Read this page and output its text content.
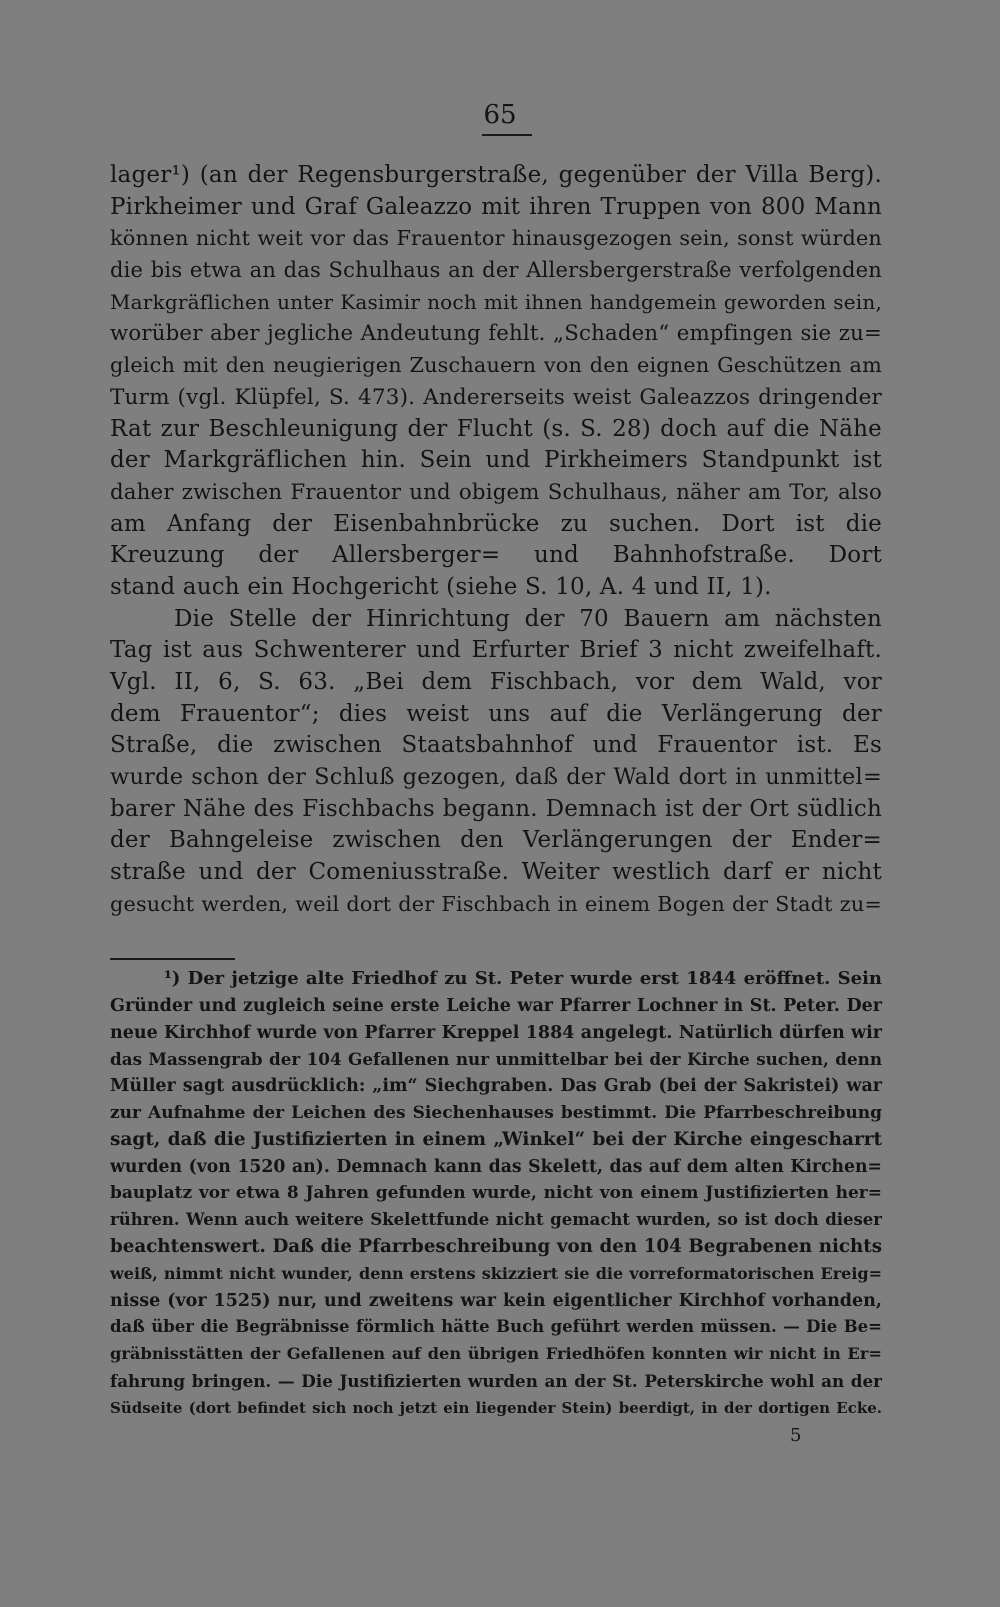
65
lager¹) (an der Regensburgerstraße, gegenüber der Villa Berg).
Pirkheimer und Graf Galeazzo mit ihren Truppen von 800 Mann
können nicht weit vor das Frauentor hinausgezogen sein, sonst würden
die bis etwa an das Schulhaus an der Allersbergerstraße verfolgenden
Markgräflichen unter Kasimir noch mit ihnen handgemein geworden sein,
worüber aber jegliche Andeutung fehlt. „Schaden“ empfingen sie zu=
gleich mit den neugierigen Zuschauern von den eignen Geschützen am
Turm (vgl. Klüpfel, S. 473). Andererseits weist Galeazzos dringender
Rat zur Beschleunigung der Flucht (s. S. 28) doch auf die Nähe
der Markgräflichen hin. Sein und Pirkheimers Standpunkt ist
daher zwischen Frauentor und obigem Schulhaus, näher am Tor, also
am Anfang der Eisenbahnbrücke zu suchen. Dort ist die
Kreuzung der Allersberger= und Bahnhofstraße. Dort
stand auch ein Hochgericht (siehe S. 10, A. 4 und II, 1).
Die Stelle der Hinrichtung der 70 Bauern am nächsten
Tag ist aus Schwenterer und Erfurter Brief 3 nicht zweifelhaft.
Vgl. II, 6, S. 63. „Bei dem Fischbach, vor dem Wald, vor
dem Frauentor“; dies weist uns auf die Verlängerung der
Straße, die zwischen Staatsbahnhof und Frauentor ist. Es
wurde schon der Schluß gezogen, daß der Wald dort in unmittel=
barer Nähe des Fischbachs begann. Demnach ist der Ort südlich
der Bahngeleise zwischen den Verlängerungen der Ender=
straße und der Comeniusstraße. Weiter westlich darf er nicht
gesucht werden, weil dort der Fischbach in einem Bogen der Stadt zu=
¹) Der jetzige alte Friedhof zu St. Peter wurde erst 1844 eröffnet. Sein
Gründer und zugleich seine erste Leiche war Pfarrer Lochner in St. Peter. Der
neue Kirchhof wurde von Pfarrer Kreppel 1884 angelegt. Natürlich dürfen wir
das Massengrab der 104 Gefallenen nur unmittelbar bei der Kirche suchen, denn
Müller sagt ausdrücklich: „im“ Siechgraben. Das Grab (bei der Sakristei) war
zur Aufnahme der Leichen des Siechenhauses bestimmt. Die Pfarrbeschreibung
sagt, daß die Justifizierten in einem „Winkel“ bei der Kirche eingescharrt
wurden (von 1520 an). Demnach kann das Skelett, das auf dem alten Kirchen=
bauplatz vor etwa 8 Jahren gefunden wurde, nicht von einem Justifizierten her=
rühren. Wenn auch weitere Skelettfunde nicht gemacht wurden, so ist doch dieser
beachtenswert. Daß die Pfarrbeschreibung von den 104 Begrabenen nichts
weiß, nimmt nicht wunder, denn erstens skizziert sie die vorreformatorischen Ereig=
nisse (vor 1525) nur, und zweitens war kein eigentlicher Kirchhof vorhanden,
daß über die Begräbnisse förmlich hätte Buch geführt werden müssen. — Die Be=
gräbnisstätten der Gefallenen auf den übrigen Friedhöfen konnten wir nicht in Er=
fahrung bringen. — Die Justifizierten wurden an der St. Peterskirche wohl an der
Südseite (dort befindet sich noch jetzt ein liegender Stein) beerdigt, in der dortigen Ecke.
5
